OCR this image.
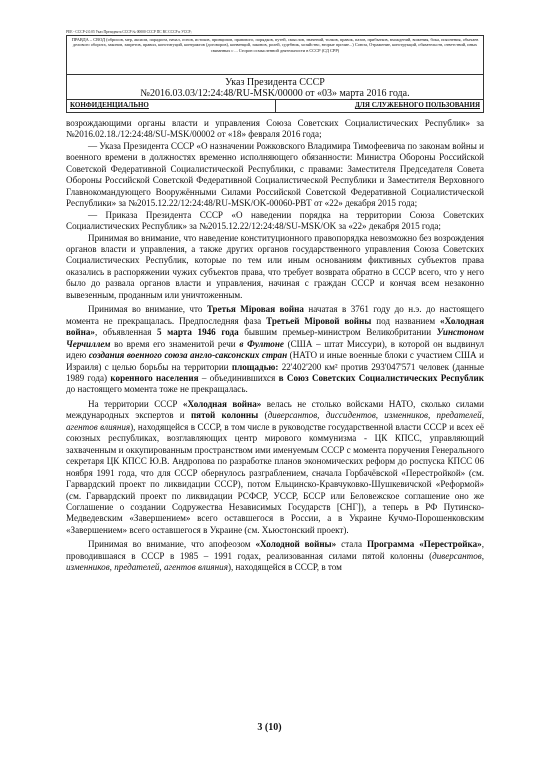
РЕЕ - СССР-2.0.05 Указ Президента СССР № 00000 СССР ПС ВС СССР и УССР;
ПРАВДА – СВОД (обрисов, мер, аксиом, парадигм, начал, основ, истоков, принципов, правового, порядков, путей, смыслов, значений, толков, правок, пазов, прибытков, вхождений, вожения, бока, пояснения, обычаев делового оборота, законов, запретов, правил, конституций, контрактов (договоров), конвенций, законов, ролей, судебник, хозяйство, вторые прочие...) Союза, Отражение, конструкций, обязательств, ответствий, иных связанных с ... Сторон осмысленной деятельности в СССР (СД СРР)
Указ Президента СССР
№2016.03.03/12:24:48/RU-MSK/00000 от «03» марта 2016 года.
КОНФИДЕНЦИАЛЬНО	ДЛЯ СЛУЖЕБНОГО ПОЛЬЗОВАНИЯ

возрождающими органы власти и управления Союза Советских Социалистических Республик» за №2016.02.18./12:24:48/SU-MSK/00002 от «18» февраля 2016 года;

— Указа Президента СССР «О назначении Рожковского Владимира Тимофеевича по законам войны и военного времени в должностях временно исполняющего обязанности: Министра Обороны Российской Советской Федеративной Социалистической Республики, с правами: Заместителя Председателя Совета Обороны Российской Советской Федеративной Социалистической Республики и Заместителя Верховного Главнокомандующего Вооружёнными Силами Российской Советской Федеративной Социалистической Республики» за №2015.12.22/12:24:48/RU-MSK/OK-00060-РВТ от «22» декабря 2015 года;

— Приказа Президента СССР «О наведении порядка на территории Союза Советских Социалистических Республик» за №2015.12.22/12:24:48/SU-MSK/OK за «22» декабря 2015 года;

Принимая во внимание, что наведение конституционного правопорядка невозможно без возрождения органов власти и управления, а также других органов государственного управления Союза Советских Социалистических Республик, которые по тем или иным основаниям фиктивных субъектов права оказались в распоряжении чужих субъектов права, что требует возврата обратно в СССР всего, что у него было до развала органов власти и управления, начиная с граждан СССР и кончая всем незаконно вывезенным, проданным или уничтоженным.

Принимая во внимание, что Третья Мiровая война начатая в 3761 году до н.э. до настоящего момента не прекращалась. Предпоследняя фаза Третьей Мiровой войны под названием «Холодная война», объявленная 5 марта 1946 года бывшим премьер-министром Великобритании Уинстоном Черчиллем во время его знаменитой речи в Фултоне (США – штат Миссури), в которой он выдвинул идею создания военного союза англо-саксонских стран (НАТО и иные военные блоки с участием США и Израиля) с целью борьбы на территории площадью: 22'402'200 км² против 293'047'571 человек (данные 1989 года) коренного населения – объединившихся в Союз Советских Социалистических Республик до настоящего момента тоже не прекращалась.

На территории СССР «Холодная война» велась не столько войсками НАТО, сколько силами международных экспертов и пятой колонны (диверсантов, диссидентов, изменников, предателей, агентов влияния), находящейся в СССР, в том числе в руководстве государственной власти СССР и всех её союзных республиках, возглавляющих центр мирового коммунизма - ЦК КПСС, управляющий захваченным и оккупированным пространством ими именуемым СССР с момента поручения Генерального секретаря ЦК КПСС Ю.В. Андропова по разработке планов экономических реформ до роспуска КПСС 06 ноября 1991 года, что для СССР обернулось разграблением, сначала Горбачёвской «Перестройкой» (см. Гарвардский проект по ликвидации СССР), потом Ельцинско-Кравчуковко-Шушкевичской «Реформой» (см. Гарвардский проект по ликвидации РСФСР, УССР, БССР или Беловежское соглашение оно же Соглашение о создании Содружества Независимых Государств [СНГ]), а теперь в РФ Путинско-Медведевским «Завершением» всего оставшегося в России, а в Украине Кучмо-Порошенковским «Завершением» всего оставшегося в Украине (см. Хьюстонский проект).

Принимая во внимание, что апофеозом «Холодной войны» стала Программа «Перестройка», проводившаяся в СССР в 1985 – 1991 годах, реализованная силами пятой колонны (диверсантов, изменников, предателей, агентов влияния), находящейся в СССР, в том

3 (10)
